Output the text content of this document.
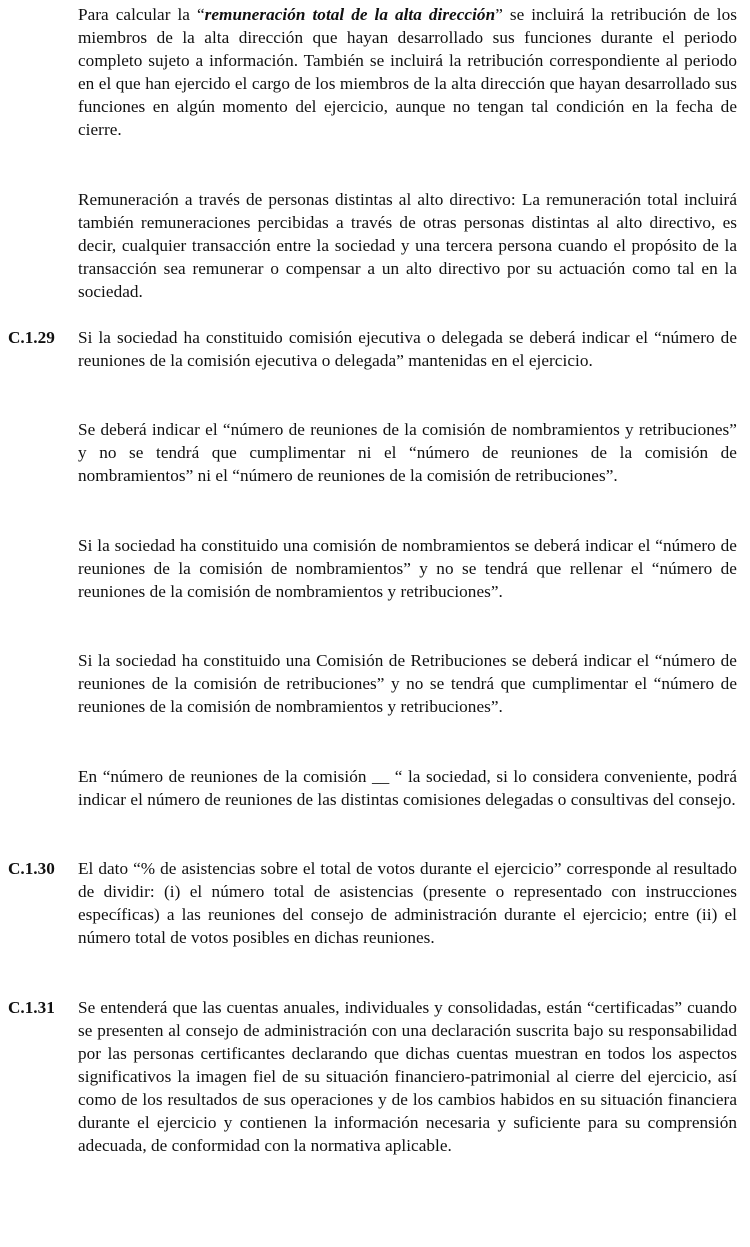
Para calcular la “remuneración total de la alta dirección” se incluirá la retribución de los miembros de la alta dirección que hayan desarrollado sus funciones durante el periodo completo sujeto a información. También se incluirá la retribución correspondiente al periodo en el que han ejercido el cargo de los miembros de la alta dirección que hayan desarrollado sus funciones en algún momento del ejercicio, aunque no tengan tal condición en la fecha de cierre.
Remuneración a través de personas distintas al alto directivo: La remuneración total incluirá también remuneraciones percibidas a través de otras personas distintas al alto directivo, es decir, cualquier transacción entre la sociedad y una tercera persona cuando el propósito de la transacción sea remunerar o compensar a un alto directivo por su actuación como tal en la sociedad.
C.1.29	Si la sociedad ha constituido comisión ejecutiva o delegada se deberá indicar el “número de reuniones de la comisión ejecutiva o delegada” mantenidas en el ejercicio.
Se deberá indicar el “número de reuniones de la comisión de nombramientos y retribuciones” y no se tendrá que cumplimentar ni el “número de reuniones de la comisión de nombramientos” ni el “número de reuniones de la comisión de retribuciones”.
Si la sociedad ha constituido una comisión de nombramientos se deberá indicar el “número de reuniones de la comisión de nombramientos” y no se tendrá que rellenar el “número de reuniones de la comisión de nombramientos y retribuciones”.
Si la sociedad ha constituido una Comisión de Retribuciones se deberá indicar el “número de reuniones de la comisión de retribuciones” y no se tendrá que cumplimentar el “número de reuniones de la comisión de nombramientos y retribuciones”.
En “número de reuniones de la comisión __ “ la sociedad, si lo considera conveniente, podrá indicar el número de reuniones de las distintas comisiones delegadas o consultivas del consejo.
C.1.30	El dato “% de asistencias sobre el total de votos durante el ejercicio” corresponde al resultado de dividir: (i) el número total de asistencias (presente o representado con instrucciones específicas) a las reuniones del consejo de administración durante el ejercicio; entre (ii) el número total de votos posibles en dichas reuniones.
C.1.31	Se entenderá que las cuentas anuales, individuales y consolidadas, están “certificadas” cuando se presenten al consejo de administración con una declaración suscrita bajo su responsabilidad por las personas certificantes declarando que dichas cuentas muestran en todos los aspectos significativos la imagen fiel de su situación financiero-patrimonial al cierre del ejercicio, así como de los resultados de sus operaciones y de los cambios habidos en su situación financiera durante el ejercicio y contienen la información necesaria y suficiente para su comprensión adecuada, de conformidad con la normativa aplicable.
